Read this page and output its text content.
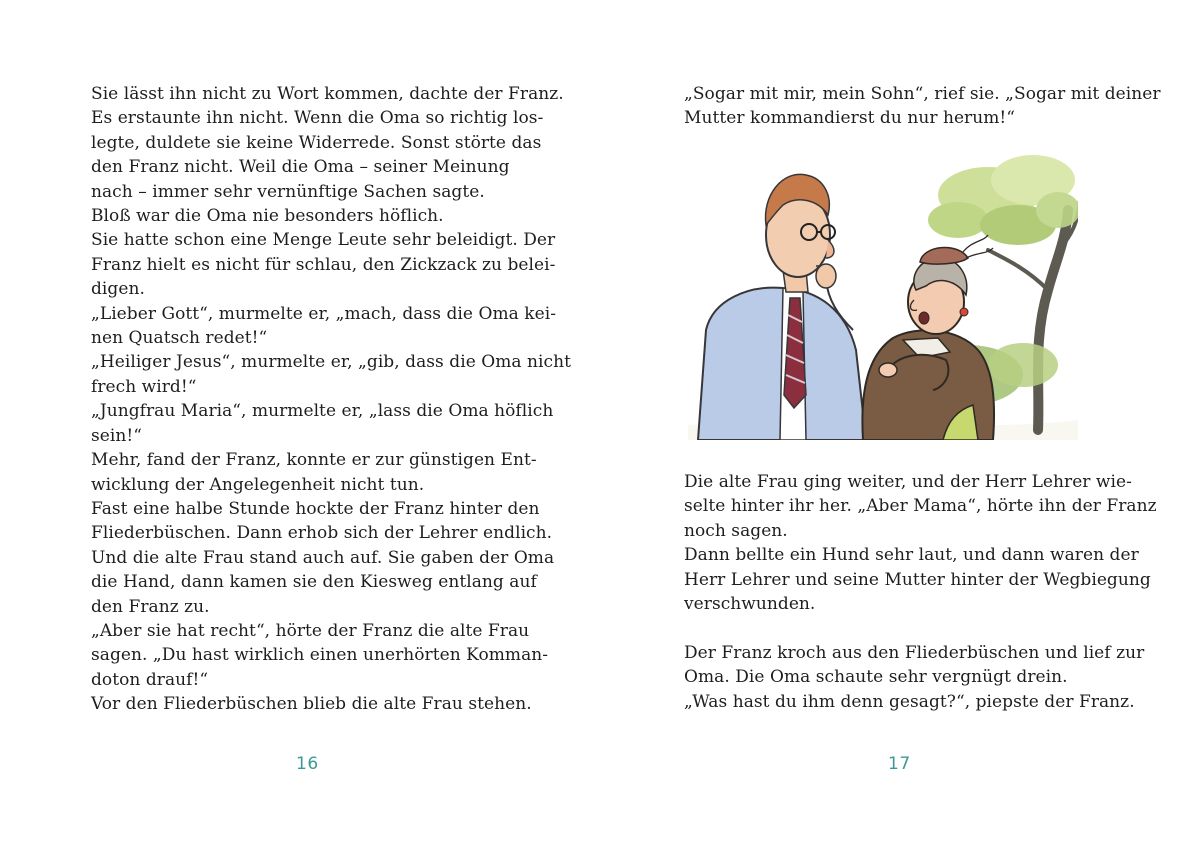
Sie lässt ihn nicht zu Wort kommen, dachte der Franz.
Es erstaunte ihn nicht. Wenn die Oma so richtig los-
legte, duldete sie keine Widerrede. Sonst störte das
den Franz nicht. Weil die Oma – seiner Meinung
nach – immer sehr vernünftige Sachen sagte.
Bloß war die Oma nie besonders höflich.
Sie hatte schon eine Menge Leute sehr beleidigt. Der
Franz hielt es nicht für schlau, den Zickzack zu belei-
digen.
„Lieber Gott“, murmelte er, „mach, dass die Oma kei-
nen Quatsch redet!“
„Heiliger Jesus“, murmelte er, „gib, dass die Oma nicht
frech wird!“
„Jungfrau Maria“, murmelte er, „lass die Oma höflich
sein!“
Mehr, fand der Franz, konnte er zur günstigen Ent-
wicklung der Angelegenheit nicht tun.
Fast eine halbe Stunde hockte der Franz hinter den
Fliederbüschen. Dann erhob sich der Lehrer endlich.
Und die alte Frau stand auch auf. Sie gaben der Oma
die Hand, dann kamen sie den Kiesweg entlang auf
den Franz zu.
„Aber sie hat recht“, hörte der Franz die alte Frau
sagen. „Du hast wirklich einen unerhörten Komman-
doton drauf!“
Vor den Fliederbüschen blieb die alte Frau stehen.
16
„Sogar mit mir, mein Sohn“, rief sie. „Sogar mit deiner
Mutter kommandierst du nur herum!“
Die alte Frau ging weiter, und der Herr Lehrer wie-
selte hinter ihr her. „Aber Mama“, hörte ihn der Franz
noch sagen.
Dann bellte ein Hund sehr laut, und dann waren der
Herr Lehrer und seine Mutter hinter der Wegbiegung
verschwunden.
Der Franz kroch aus den Fliederbüschen und lief zur
Oma. Die Oma schaute sehr vergnügt drein.
„Was hast du ihm denn gesagt?“, piepste der Franz.
17
